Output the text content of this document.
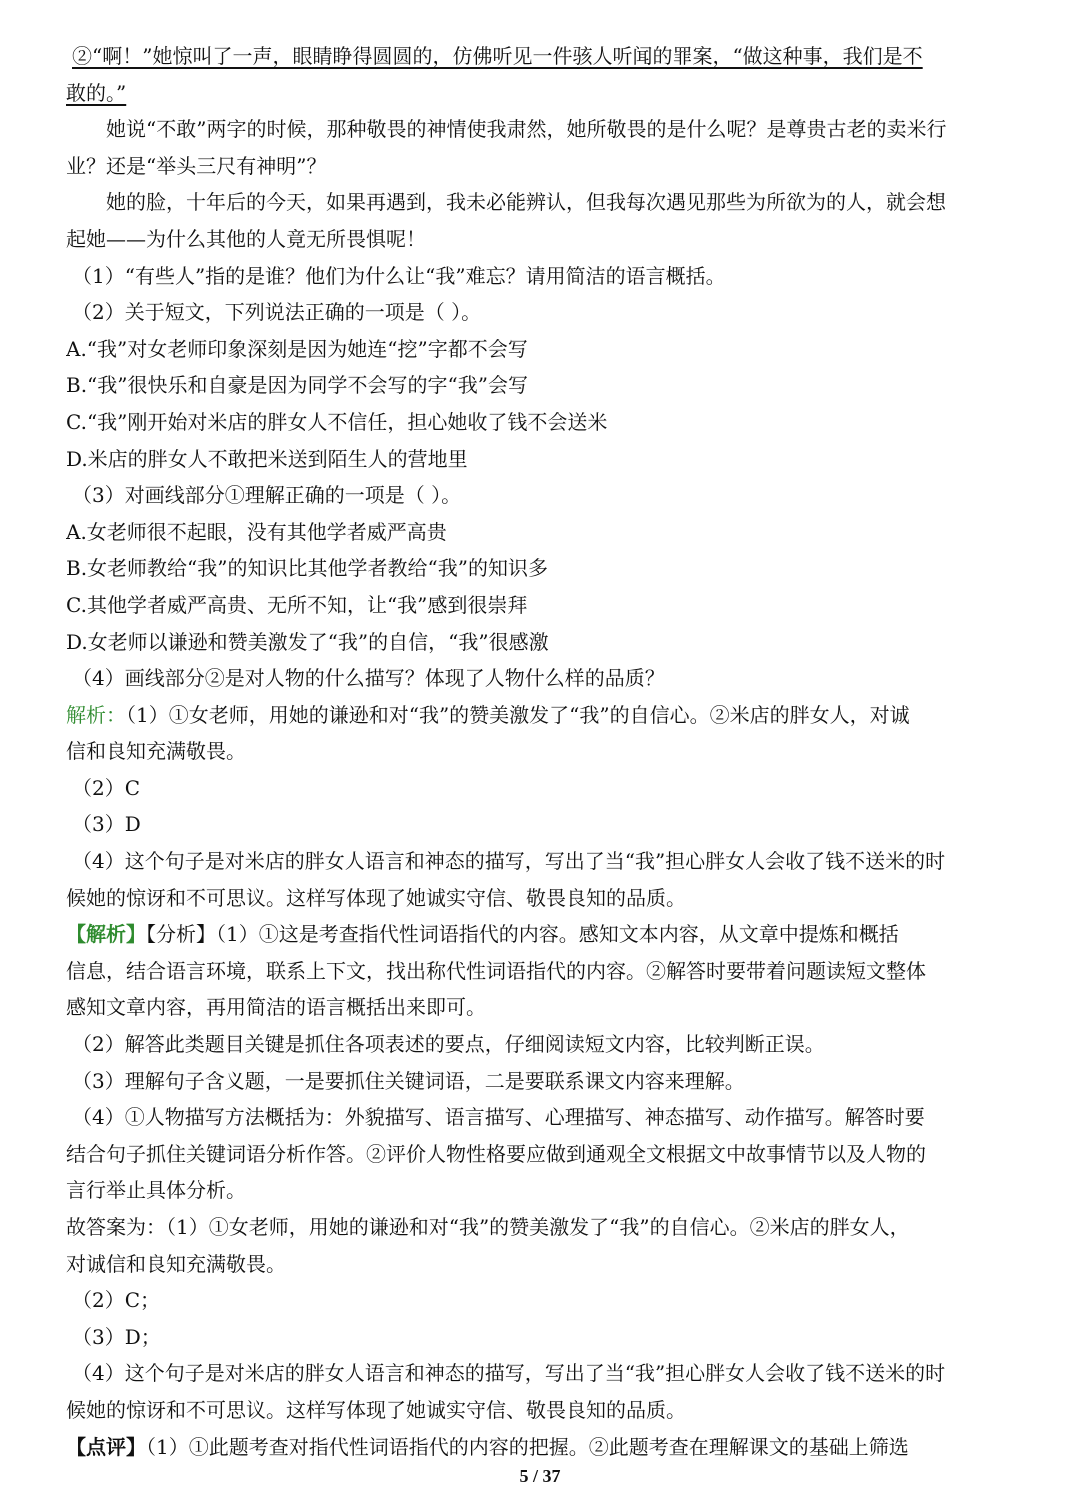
②“啊！”她惊叫了一声，眼睛睁得圆圆的，仿佛听见一件骇人听闻的罪案，“做这种事，我们是不
敢的。”
她说“不敢”两字的时候，那种敬畏的神情使我肃然，她所敬畏的是什么呢？是尊贵古老的卖米行
业？还是“举头三尺有神明”？
她的脸，十年后的今天，如果再遇到，我未必能辨认，但我每次遇见那些为所欲为的人，就会想
起她——为什么其他的人竟无所畏惧呢！
（1）“有些人”指的是谁？他们为什么让“我”难忘？请用简洁的语言概括。
（2）关于短文，下列说法正确的一项是（ ）。
A.“我”对女老师印象深刻是因为她连“挖”字都不会写
B.“我”很快乐和自豪是因为同学不会写的字“我”会写
C.“我”刚开始对米店的胖女人不信任，担心她收了钱不会送米
D.米店的胖女人不敢把米送到陌生人的营地里
（3）对画线部分①理解正确的一项是（ ）。
A.女老师很不起眼，没有其他学者威严高贵
B.女老师教给“我”的知识比其他学者教给“我”的知识多
C.其他学者威严高贵、无所不知，让“我”感到很崇拜
D.女老师以谦逊和赞美激发了“我”的自信，“我”很感激
（4）画线部分②是对人物的什么描写？体现了人物什么样的品质？
解析：（1）①女老师，用她的谦逊和对“我”的赞美激发了“我”的自信心。②米店的胖女人，对诚
信和良知充满敬畏。
（2）C
（3）D
（4）这个句子是对米店的胖女人语言和神态的描写，写出了当“我”担心胖女人会收了钱不送米的时
候她的惊讶和不可思议。这样写体现了她诚实守信、敬畏良知的品质。
【解析】【分析】（1）①这是考查指代性词语指代的内容。感知文本内容，从文章中提炼和概括
信息，结合语言环境，联系上下文，找出称代性词语指代的内容。②解答时要带着问题读短文整体
感知文章内容，再用简洁的语言概括出来即可。
（2）解答此类题目关键是抓住各项表述的要点，仔细阅读短文内容，比较判断正误。
（3）理解句子含义题，一是要抓住关键词语，二是要联系课文内容来理解。
（4）①人物描写方法概括为：外貌描写、语言描写、心理描写、神态描写、动作描写。解答时要
结合句子抓住关键词语分析作答。②评价人物性格要应做到通观全文根据文中故事情节以及人物的
言行举止具体分析。
故答案为：（1）①女老师，用她的谦逊和对“我”的赞美激发了“我”的自信心。②米店的胖女人，
对诚信和良知充满敬畏。
（2）C；
（3）D；
（4）这个句子是对米店的胖女人语言和神态的描写，写出了当“我”担心胖女人会收了钱不送米的时
候她的惊讶和不可思议。这样写体现了她诚实守信、敬畏良知的品质。
【点评】（1）①此题考查对指代性词语指代的内容的把握。②此题考查在理解课文的基础上筛选
5 / 37
